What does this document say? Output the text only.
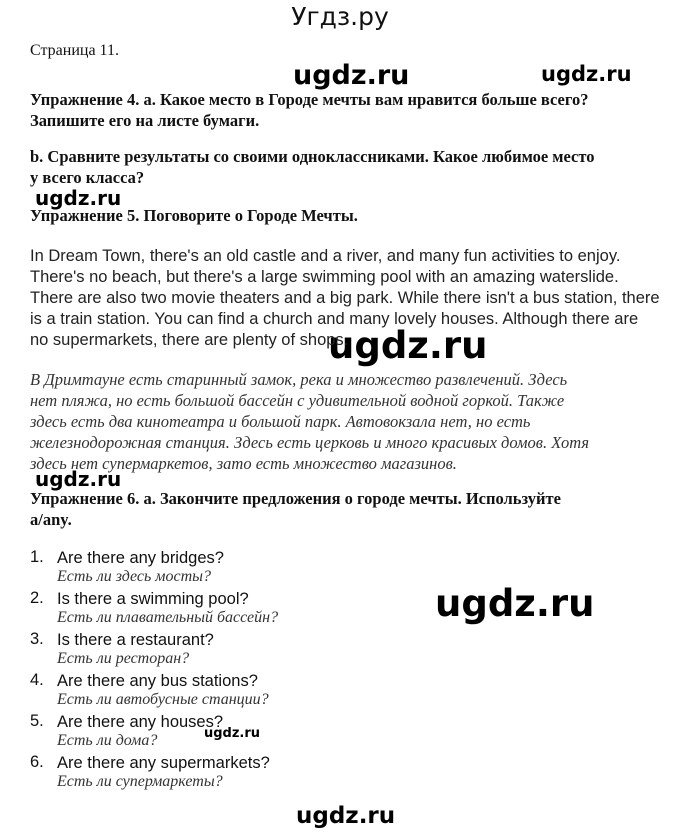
Угдз.ру
Страница 11.
ugdz.ru	ugdz.ru
ugdz.ru
ugdz.ru
ugdz.ru
ugdz.ru
ugdz.ru
ugdz.ru
Упражнение 4. a. Какое место в Городе мечты вам нравится больше всего?
Запишите его на листе бумаги.
b. Сравните результаты со своими одноклассниками. Какое любимое место
у всего класса?
Упражнение 5. Поговорите о Городе Мечты.
In Dream Town, there's an old castle and a river, and many fun activities to enjoy.
There's no beach, but there's a large swimming pool with an amazing waterslide.
There are also two movie theaters and a big park. While there isn't a bus station, there
is a train station. You can find a church and many lovely houses. Although there are
no supermarkets, there are plenty of shops.
В Дримтауне есть старинный замок, река и множество развлечений. Здесь
нет пляжа, но есть большой бассейн с удивительной водной горкой. Также
здесь есть два кинотеатра и большой парк. Автовокзала нет, но есть
железнодорожная станция. Здесь есть церковь и много красивых домов. Хотя
здесь нет супермаркетов, зато есть множество магазинов.
Упражнение 6. a. Закончите предложения о городе мечты. Используйте
a/any.
1. Are there any bridges?
Есть ли здесь мосты?
2. Is there a swimming pool?
Есть ли плавательный бассейн?
3. Is there a restaurant?
Есть ли ресторан?
4. Are there any bus stations?
Есть ли автобусные станции?
5. Are there any houses?
Есть ли дома?
6. Are there any supermarkets?
Есть ли супермаркеты?
